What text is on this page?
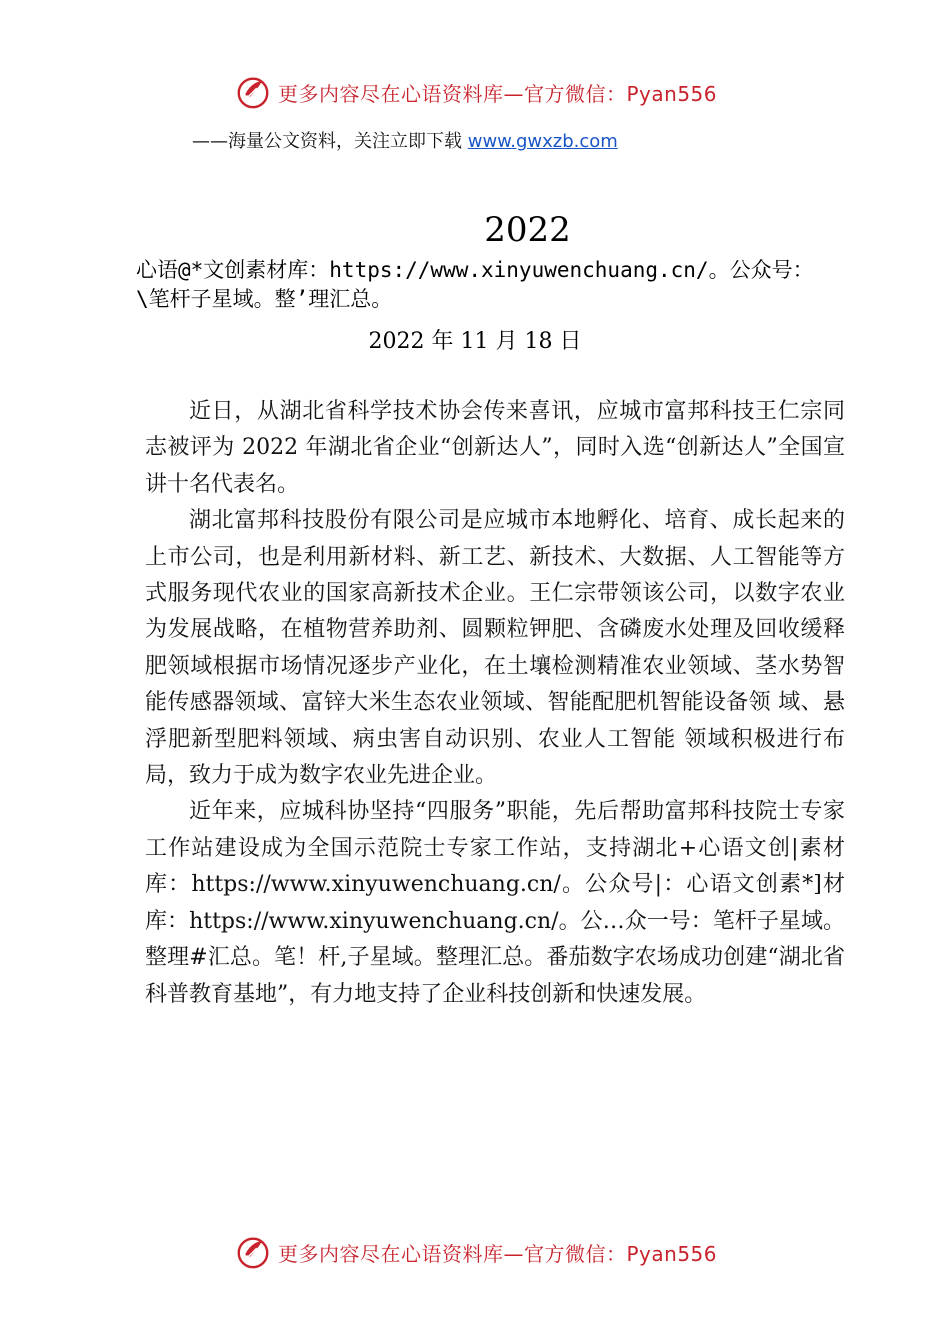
更多内容尽在心语资料库—官方微信：Pyan556
——海量公文资料，关注立即下载 www.gwxzb.com
2022
心语@*文创素材库：https://www.xinyuwenchuang.cn/。公众号：\笔杆子星域。整’理汇总。
2022 年 11 月 18 日

近日，从湖北省科学技术协会传来喜讯，应城市富邦科技王仁宗同志被评为 2022 年湖北省企业“创新达人”，同时入选“创新达人”全国宣讲十名代表名。

湖北富邦科技股份有限公司是应城市本地孵化、培育、成长起来的上市公司，也是利用新材料、新工艺、新技术、大数据、人工智能等方式服务现代农业的国家高新技术企业。王仁宗带领该公司，以数字农业为发展战略，在植物营养助剂、圆颗粒钾肥、含磷废水处理及回收缓释肥领域根据市场情况逐步产业化，在土壤检测精准农业领域、茎水势智能传感器领域、富锌大米生态农业领域、智能配肥机智能设备领 域、悬浮肥新型肥料领域、病虫害自动识别、农业人工智能 领域积极进行布局，致力于成为数字农业先进企业。

近年来，应城科协坚持“四服务”职能，先后帮助富邦科技院士专家工作站建设成为全国示范院士专家工作站，支持湖北+心语文创|素材库：https://www.xinyuwenchuang.cn/。公众号|：心语文创素*]材库：https://www.xinyuwenchuang.cn/。公…众一号：笔杆子星域。整理#汇总。笔！杆,子星域。整理汇总。番茄数字农场成功创建“湖北省科普教育基地”，有力地支持了企业科技创新和快速发展。

更多内容尽在心语资料库—官方微信：Pyan556
